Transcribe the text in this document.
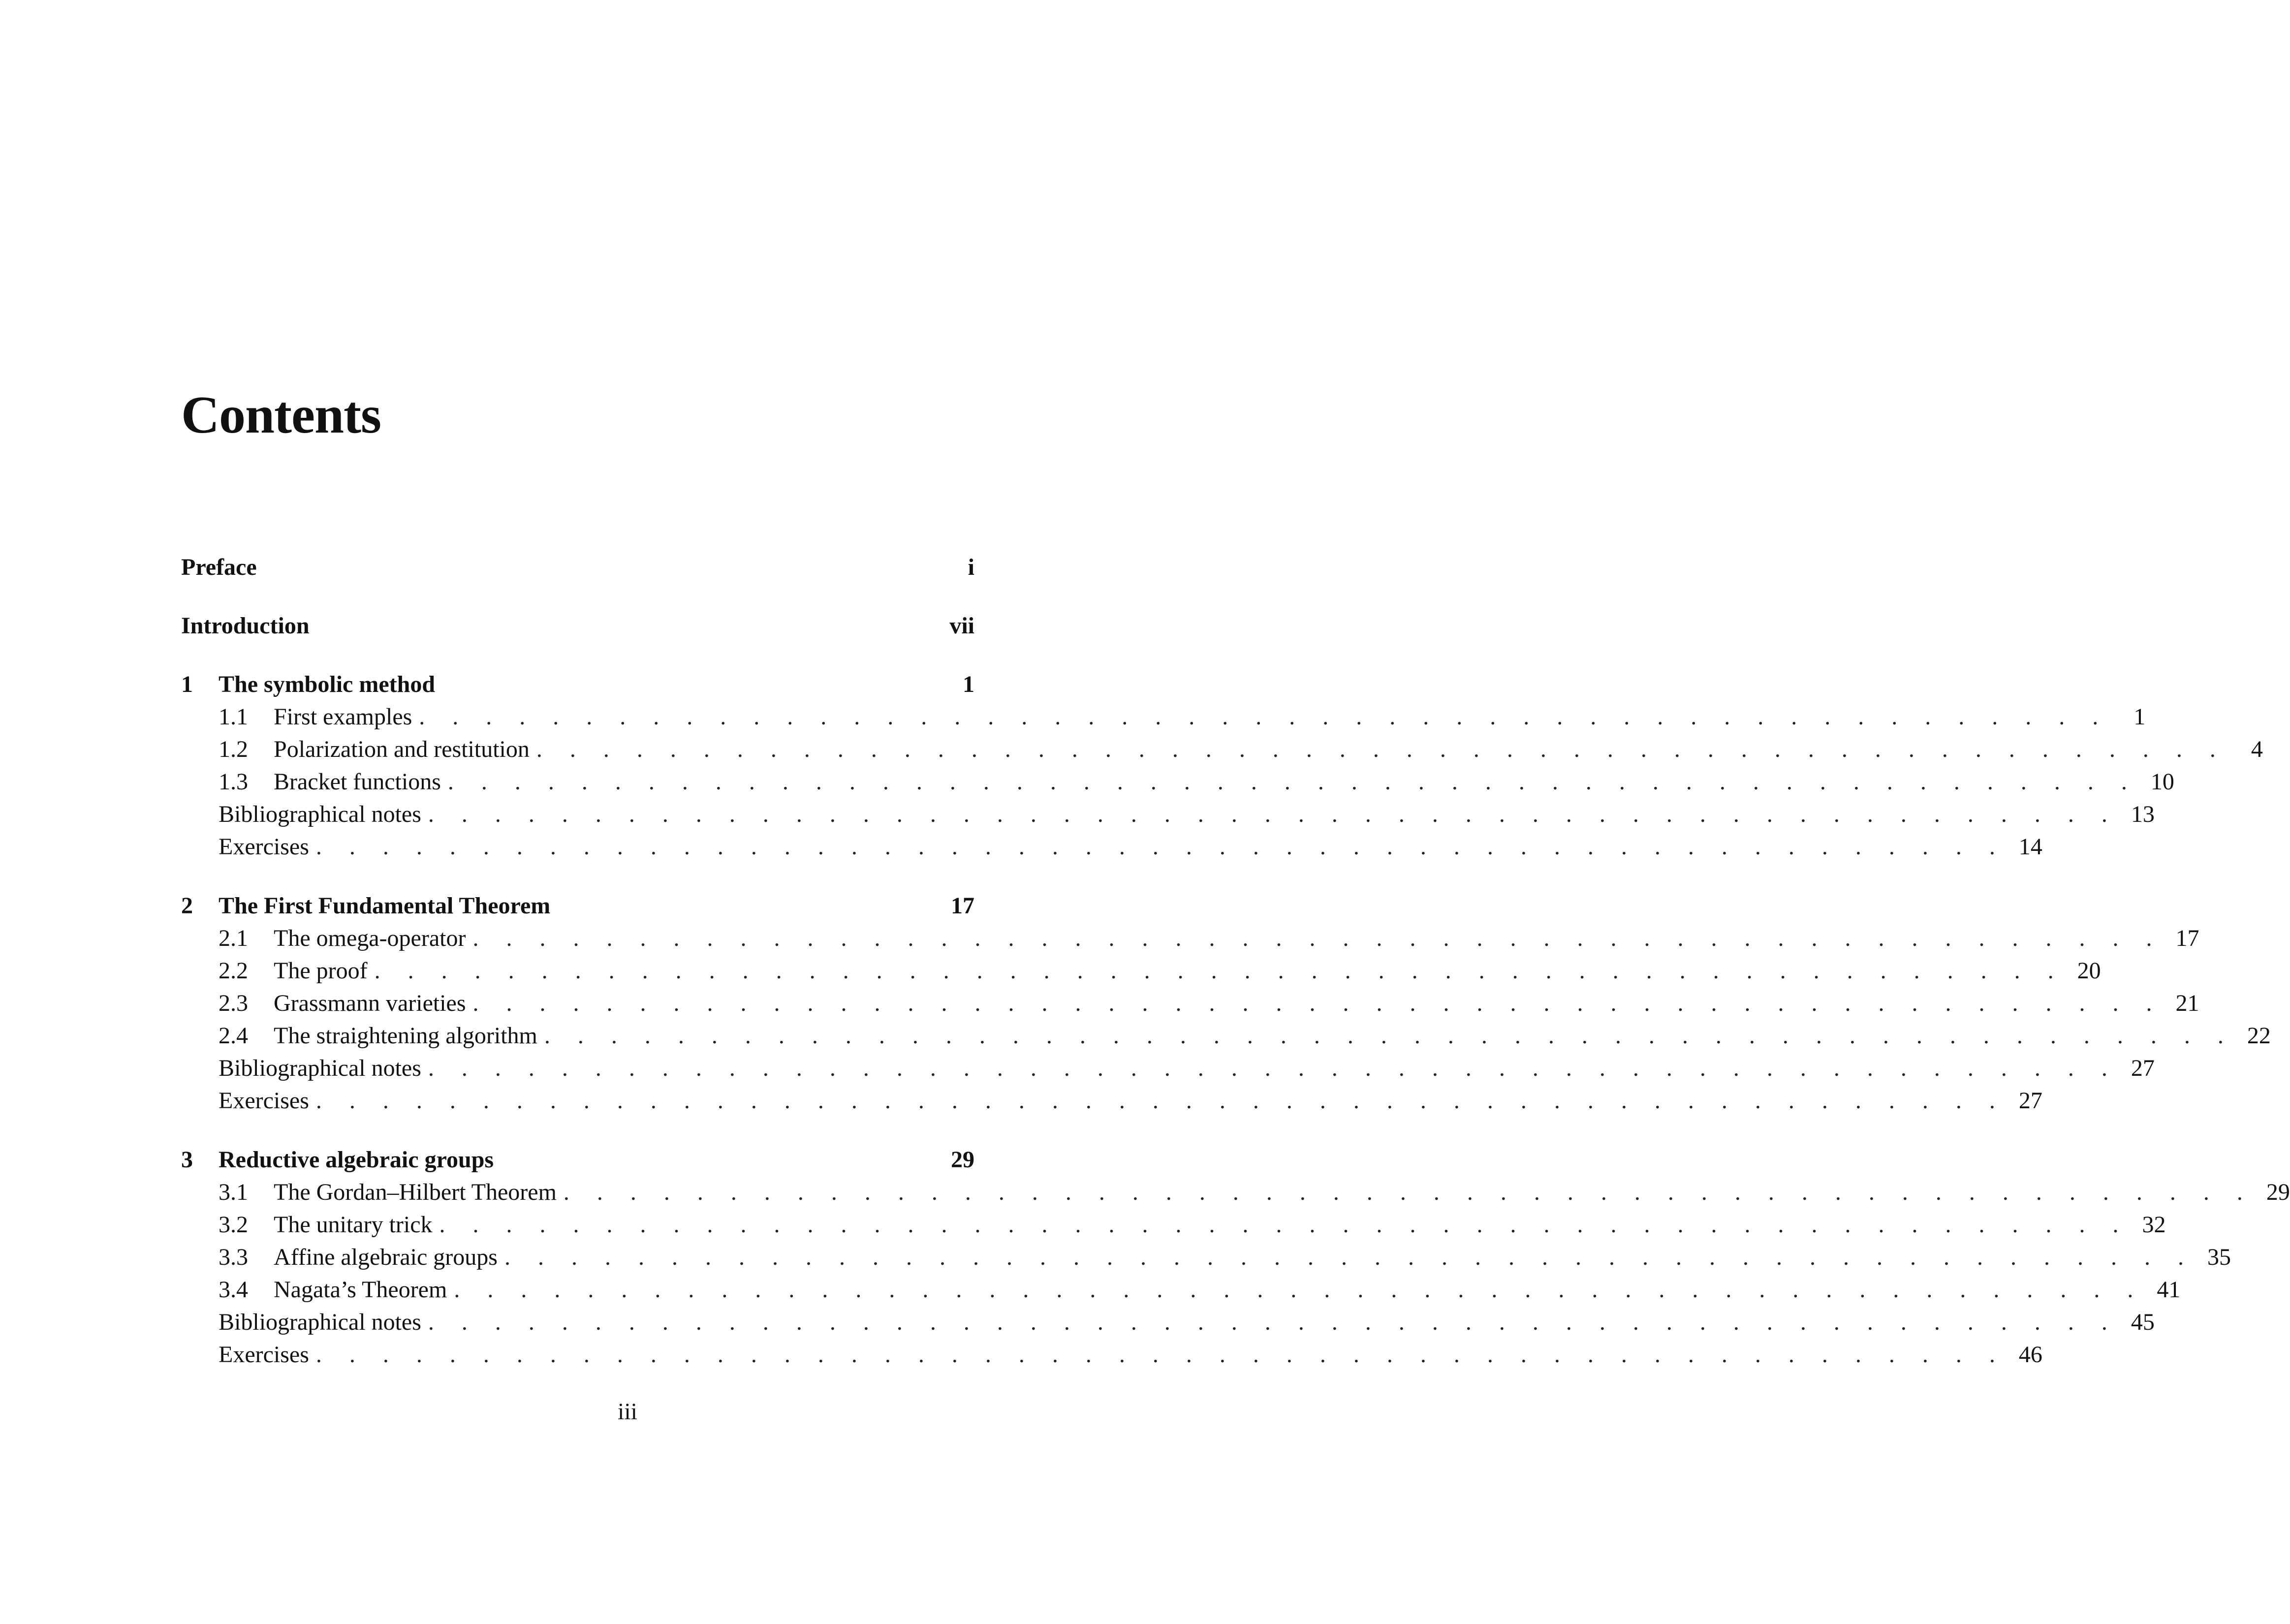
Contents
Preface	i
Introduction	vii
1	The symbolic method	1
1.1	First examples . . . . . . . . . . . . . . . . . . . . . . . . . . . . . . . . . . . . . . . . . . . . . . . . . . .	1
1.2	Polarization and restitution . . . . . . . . . . . . . . . . . . . . . . . . . . . . . . . . . . . . . . . . . . . . . . . . . . .	4
1.3	Bracket functions . . . . . . . . . . . . . . . . . . . . . . . . . . . . . . . . . . . . . . . . . . . . . . . . . . . 10
Bibliographical notes . . . . . . . . . . . . . . . . . . . . . . . . . . . . . . . . . . . . . . . . . . . . . . . . . . . 13
Exercises . . . . . . . . . . . . . . . . . . . . . . . . . . . . . . . . . . . . . . . . . . . . . . . . . . . 14
2	The First Fundamental Theorem	17
2.1	The omega-operator . . . . . . . . . . . . . . . . . . . . . . . . . . . . . . . . . . . . . . . . . . . . . . . . . . . 17
2.2	The proof . . . . . . . . . . . . . . . . . . . . . . . . . . . . . . . . . . . . . . . . . . . . . . . . . . . 20
2.3	Grassmann varieties . . . . . . . . . . . . . . . . . . . . . . . . . . . . . . . . . . . . . . . . . . . . . . . . . . . 21
2.4	The straightening algorithm . . . . . . . . . . . . . . . . . . . . . . . . . . . . . . . . . . . . . . . . . . . . . . . . . . . 22
Bibliographical notes . . . . . . . . . . . . . . . . . . . . . . . . . . . . . . . . . . . . . . . . . . . . . . . . . . . 27
Exercises . . . . . . . . . . . . . . . . . . . . . . . . . . . . . . . . . . . . . . . . . . . . . . . . . . . 27
3	Reductive algebraic groups	29
3.1	The Gordan–Hilbert Theorem . . . . . . . . . . . . . . . . . . . . . . . . . . . . . . . . . . . . . . . . . . . . . . . . . . . 29
3.2	The unitary trick . . . . . . . . . . . . . . . . . . . . . . . . . . . . . . . . . . . . . . . . . . . . . . . . . . . 32
3.3	Affine algebraic groups . . . . . . . . . . . . . . . . . . . . . . . . . . . . . . . . . . . . . . . . . . . . . . . . . . . 35
3.4	Nagata’s Theorem . . . . . . . . . . . . . . . . . . . . . . . . . . . . . . . . . . . . . . . . . . . . . . . . . . . 41
Bibliographical notes . . . . . . . . . . . . . . . . . . . . . . . . . . . . . . . . . . . . . . . . . . . . . . . . . . . 45
Exercises . . . . . . . . . . . . . . . . . . . . . . . . . . . . . . . . . . . . . . . . . . . . . . . . . . . 46
iii
